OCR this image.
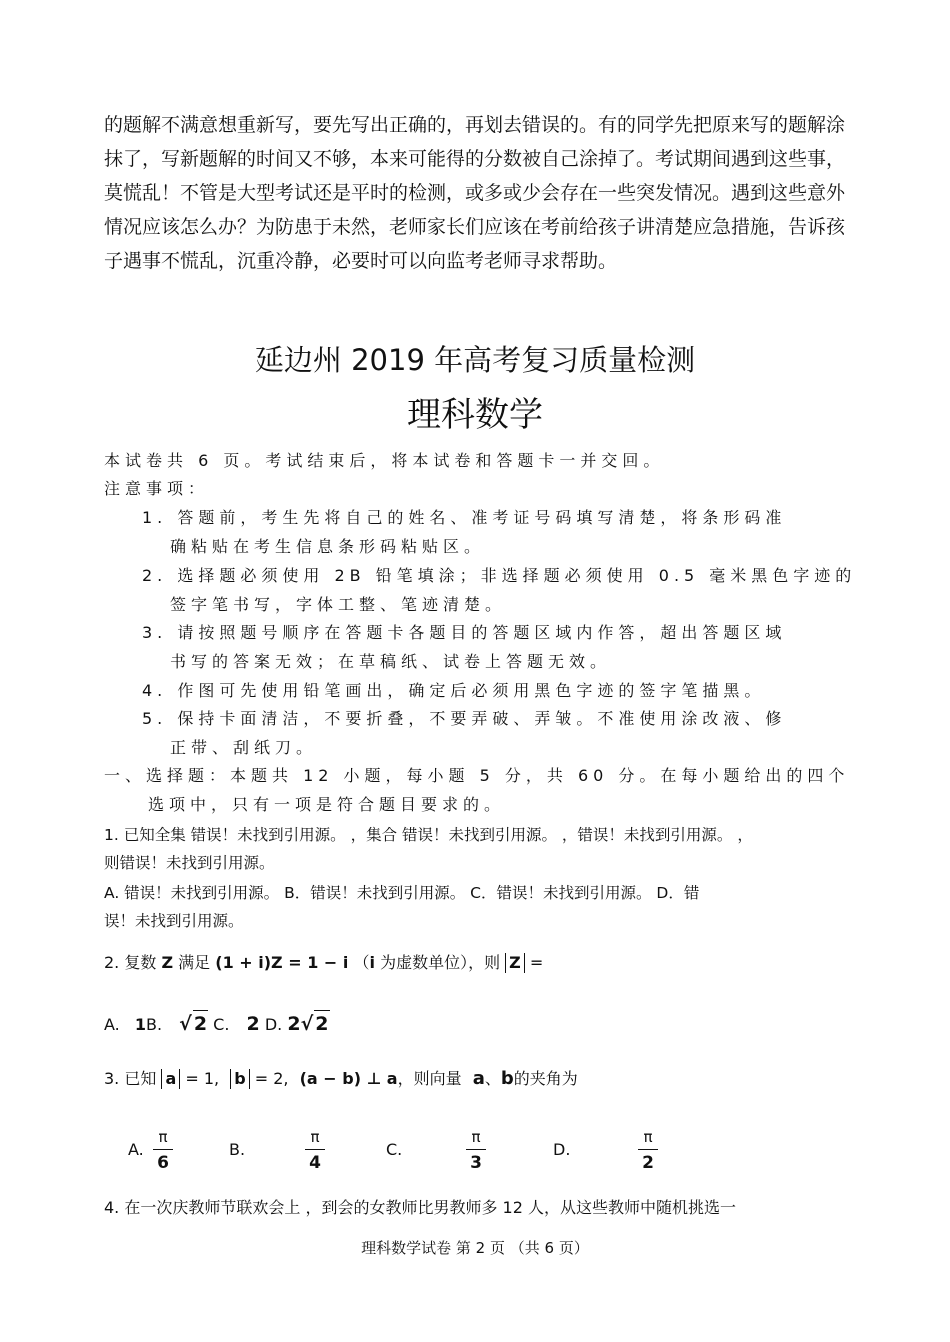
的题解不满意想重新写，要先写出正确的，再划去错误的。有的同学先把原来写的题解涂
抹了，写新题解的时间又不够，本来可能得的分数被自己涂掉了。考试期间遇到这些事，
莫慌乱！不管是大型考试还是平时的检测，或多或少会存在一些突发情况。遇到这些意外
情况应该怎么办？为防患于未然，老师家长们应该在考前给孩子讲清楚应急措施，告诉孩
子遇事不慌乱，沉重冷静，必要时可以向监考老师寻求帮助。
延边州 2019 年高考复习质量检测
理科数学
本试卷共 6 页。考试结束后，将本试卷和答题卡一并交回。
注意事项：
1. 答题前，考生先将自己的姓名、准考证号码填写清楚，将条形码准
确粘贴在考生信息条形码粘贴区。
2. 选择题必须使用 2B 铅笔填涂；非选择题必须使用 0.5 毫米黑色字迹的
签字笔书写，字体工整、笔迹清楚。
3. 请按照题号顺序在答题卡各题目的答题区域内作答，超出答题区域
书写的答案无效；在草稿纸、试卷上答题无效。
4. 作图可先使用铅笔画出，确定后必须用黑色字迹的签字笔描黑。
5. 保持卡面清洁，不要折叠，不要弄破、弄皱。不准使用涂改液、修
正带、刮纸刀。
一、选择题：本题共 12 小题，每小题 5 分，共 60 分。在每小题给出的四个
选项中，只有一项是符合题目要求的。
1. 已知全集 错误！未找到引用源。 ，集合 错误！未找到引用源。 ，错误！未找到引用源。 ，
则错误！未找到引用源。
A. 错误！未找到引用源。 B．错误！未找到引用源。 C．错误！未找到引用源。 D．错
误！未找到引用源。
2. 复数 Z 满足 (1 + i)Z = 1 − i （i 为虚数单位），则 Z =
A. 1B. √ 2 C. 2 D. 2√ 2
3. 已知 a = 1, b = 2, (a − b) ⊥ a，则向量 a、b的夹角为
A.
π
6
B.
π
4
C.
π
3
D.
π
2
4. 在一次庆教师节联欢会上 ，到会的女教师比男教师多 12 人，从这些教师中随机挑选一
理科数学试卷 第 2 页 （共 6 页）
